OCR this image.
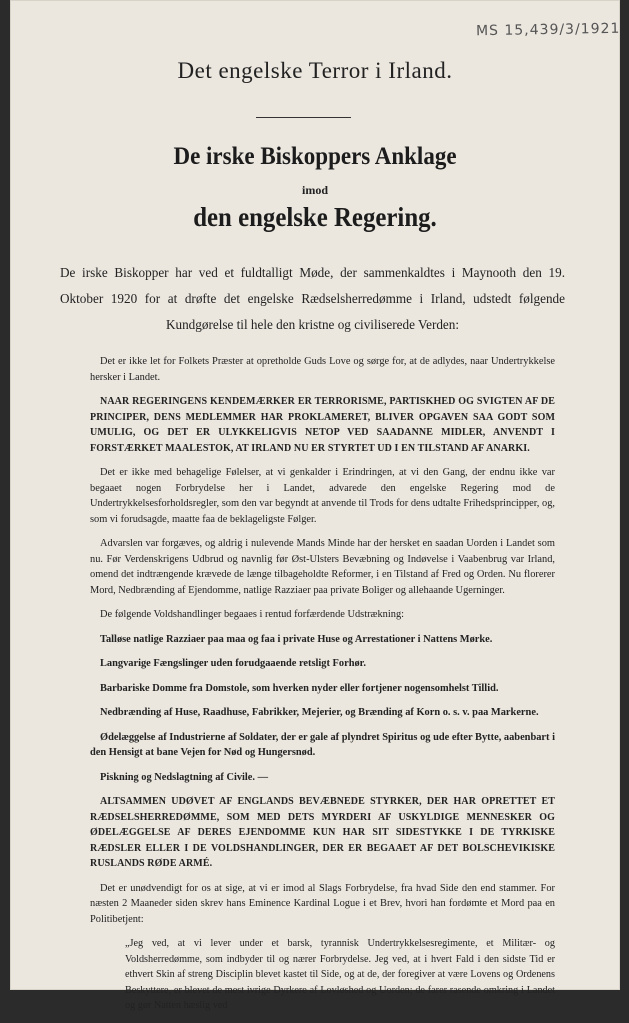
MS 15,439/3/1921
Det engelske Terror i Irland.
De irske Biskoppers Anklage
imod
den engelske Regering.
De irske Biskopper har ved et fuldtalligt Møde, der sammenkaldtes i Maynooth den 19. Oktober 1920 for at drøfte det engelske Rædselsherredømme i Irland, udstedt følgende Kundgørelse til hele den kristne og civiliserede Verden:

Det er ikke let for Folkets Præster at opretholde Guds Love og sørge for, at de adlydes, naar Undertrykkelse hersker i Landet.

NAAR REGERINGENS KENDEMÆRKER ER TERRORISME, PARTISKHED OG SVIGTEN AF DE PRINCIPER, DENS MEDLEMMER HAR PROKLAMERET, BLIVER OPGAVEN SAA GODT SOM UMULIG, OG DET ER ULYKKELIGVIS NETOP VED SAADANNE MIDLER, ANVENDT I FORSTÆRKET MAALESTOK, AT IRLAND NU ER STYRTET UD I EN TILSTAND AF ANARKI.

Det er ikke med behagelige Følelser, at vi genkalder i Erindringen, at vi den Gang, der endnu ikke var begaaet nogen Forbrydelse her i Landet, advarede den engelske Regering mod de Undertrykkelsesforholdsregler, som den var begyndt at anvende til Trods for dens udtalte Frihedsprincipper, og, som vi forudsagde, maatte faa de beklageligste Følger.

Advarslen var forgæves, og aldrig i nulevende Mands Minde har der hersket en saadan Uorden i Landet som nu. Før Verdenskrigens Udbrud og navnlig før Øst-Ulsters Bevæbning og Indøvelse i Vaabenbrug var Irland, omend det indtrængende krævede de længe tilbageholdte Reformer, i en Tilstand af Fred og Orden. Nu florerer Mord, Nedbrænding af Ejendomme, natlige Razziaer paa private Boliger og allehaande Ugerninger.

De følgende Voldshandlinger begaaes i rentud forfærdende Udstrækning:

Talløse natlige Razziaer paa maa og faa i private Huse og Arrestationer i Nattens Mørke.

Langvarige Fængslinger uden forudgaaende retsligt Forhør.

Barbariske Domme fra Domstole, som hverken nyder eller fortjener nogensomhelst Tillid.

Nedbrænding af Huse, Raadhuse, Fabrikker, Mejerier, og Brænding af Korn o. s. v. paa Markerne.

Ødelæggelse af Industrierne af Soldater, der er gale af plyndret Spiritus og ude efter Bytte, aabenbart i den Hensigt at bane Vejen for Nød og Hungersnød.

Piskning og Nedslagtning af Civile. —

ALTSAMMEN UDØVET AF ENGLANDS BEVÆBNEDE STYRKER, DER HAR OPRETTET ET RÆDSELSHERREDØMME, SOM MED DETS MYRDERI AF USKYLDIGE MENNESKER OG ØDELÆGGELSE AF DERES EJENDOMME KUN HAR SIT SIDESTYKKE I DE TYRKISKE RÆDSLER ELLER I DE VOLDSHANDLINGER, DER ER BEGAAET AF DET BOLSCHEVIKISKE RUSLANDS RØDE ARMÉ.

Det er unødvendigt for os at sige, at vi er imod al Slags Forbrydelse, fra hvad Side den end stammer. For næsten 2 Maaneder siden skrev hans Eminence Kardinal Logue i et Brev, hvori han fordømte et Mord paa en Politibetjent:

„Jeg ved, at vi lever under et barsk, tyrannisk Undertrykkelsesregimente, et Militær- og Voldsherredømme, som indbyder til og nærer Forbrydelse. Jeg ved, at i hvert Fald i den sidste Tid er ethvert Skin af streng Disciplin blevet kastet til Side, og at de, der foregiver at være Lovens og Ordenens Beskyttere, er blevet de mest ivrige Dyrkere af Lovløshed og Uorden; de farer rasende omkring i Landet og gør Natten hæslig ved
